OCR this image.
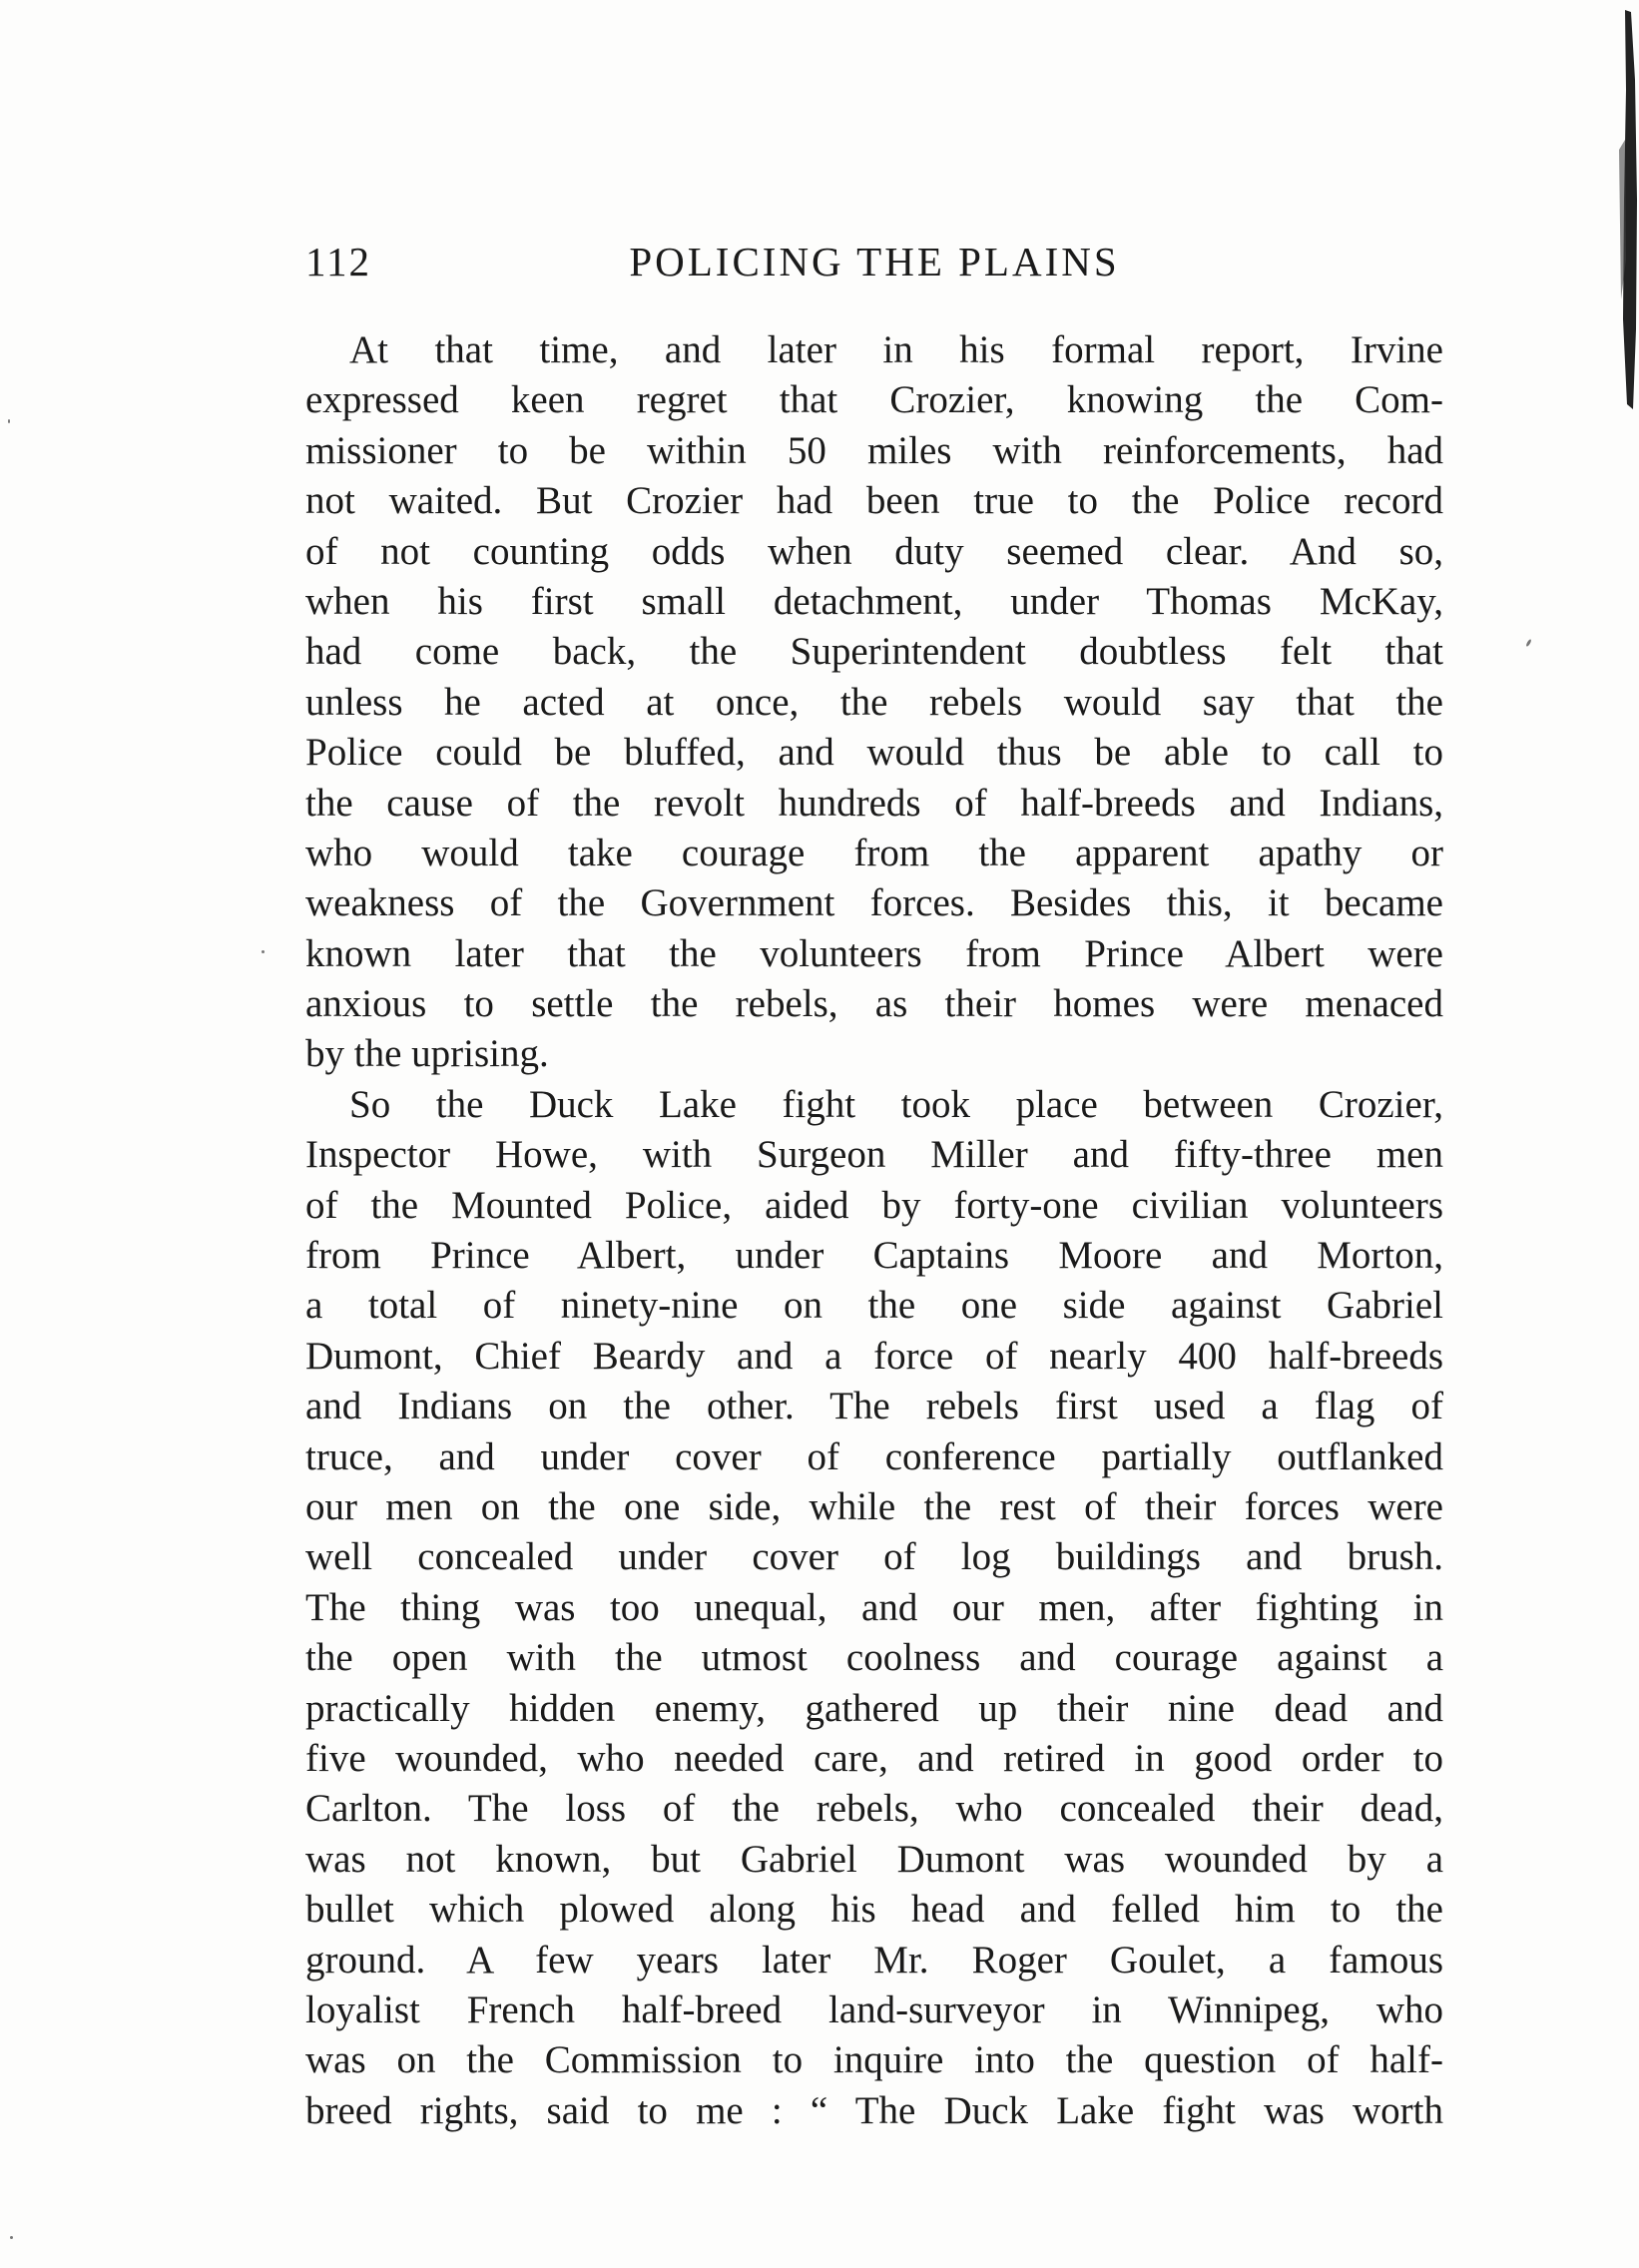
112	POLICING THE PLAINS
At that time, and later in his formal report, Irvine
expressed keen regret that Crozier, knowing the Com-
missioner to be within 50 miles with reinforcements, had
not waited. But Crozier had been true to the Police record
of not counting odds when duty seemed clear. And so,
when his first small detachment, under Thomas McKay,
had come back, the Superintendent doubtless felt that
unless he acted at once, the rebels would say that the
Police could be bluffed, and would thus be able to call to
the cause of the revolt hundreds of half-breeds and Indians,
who would take courage from the apparent apathy or
weakness of the Government forces. Besides this, it became
known later that the volunteers from Prince Albert were
anxious to settle the rebels, as their homes were menaced
by the uprising.
So the Duck Lake fight took place between Crozier,
Inspector Howe, with Surgeon Miller and fifty-three men
of the Mounted Police, aided by forty-one civilian volunteers
from Prince Albert, under Captains Moore and Morton,
a total of ninety-nine on the one side against Gabriel
Dumont, Chief Beardy and a force of nearly 400 half-breeds
and Indians on the other. The rebels first used a flag of
truce, and under cover of conference partially outflanked
our men on the one side, while the rest of their forces were
well concealed under cover of log buildings and brush.
The thing was too unequal, and our men, after fighting in
the open with the utmost coolness and courage against a
practically hidden enemy, gathered up their nine dead and
five wounded, who needed care, and retired in good order to
Carlton. The loss of the rebels, who concealed their dead,
was not known, but Gabriel Dumont was wounded by a
bullet which plowed along his head and felled him to the
ground. A few years later Mr. Roger Goulet, a famous
loyalist French half-breed land-surveyor in Winnipeg, who
was on the Commission to inquire into the question of half-
breed rights, said to me : “ The Duck Lake fight was worth
